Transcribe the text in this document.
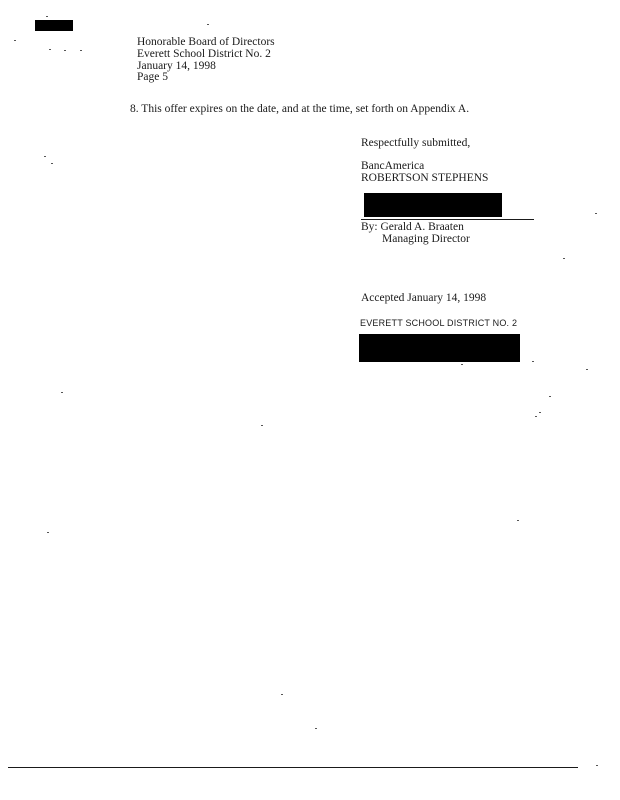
Honorable Board of Directors
Everett School District No. 2
January 14, 1998
Page 5
8. This offer expires on the date, and at the time, set forth on Appendix A.
Respectfully submitted,
BancAmerica
ROBERTSON STEPHENS
By: Gerald A. Braaten
Managing Director
Accepted January 14, 1998
EVERETT SCHOOL DISTRICT NO. 2
